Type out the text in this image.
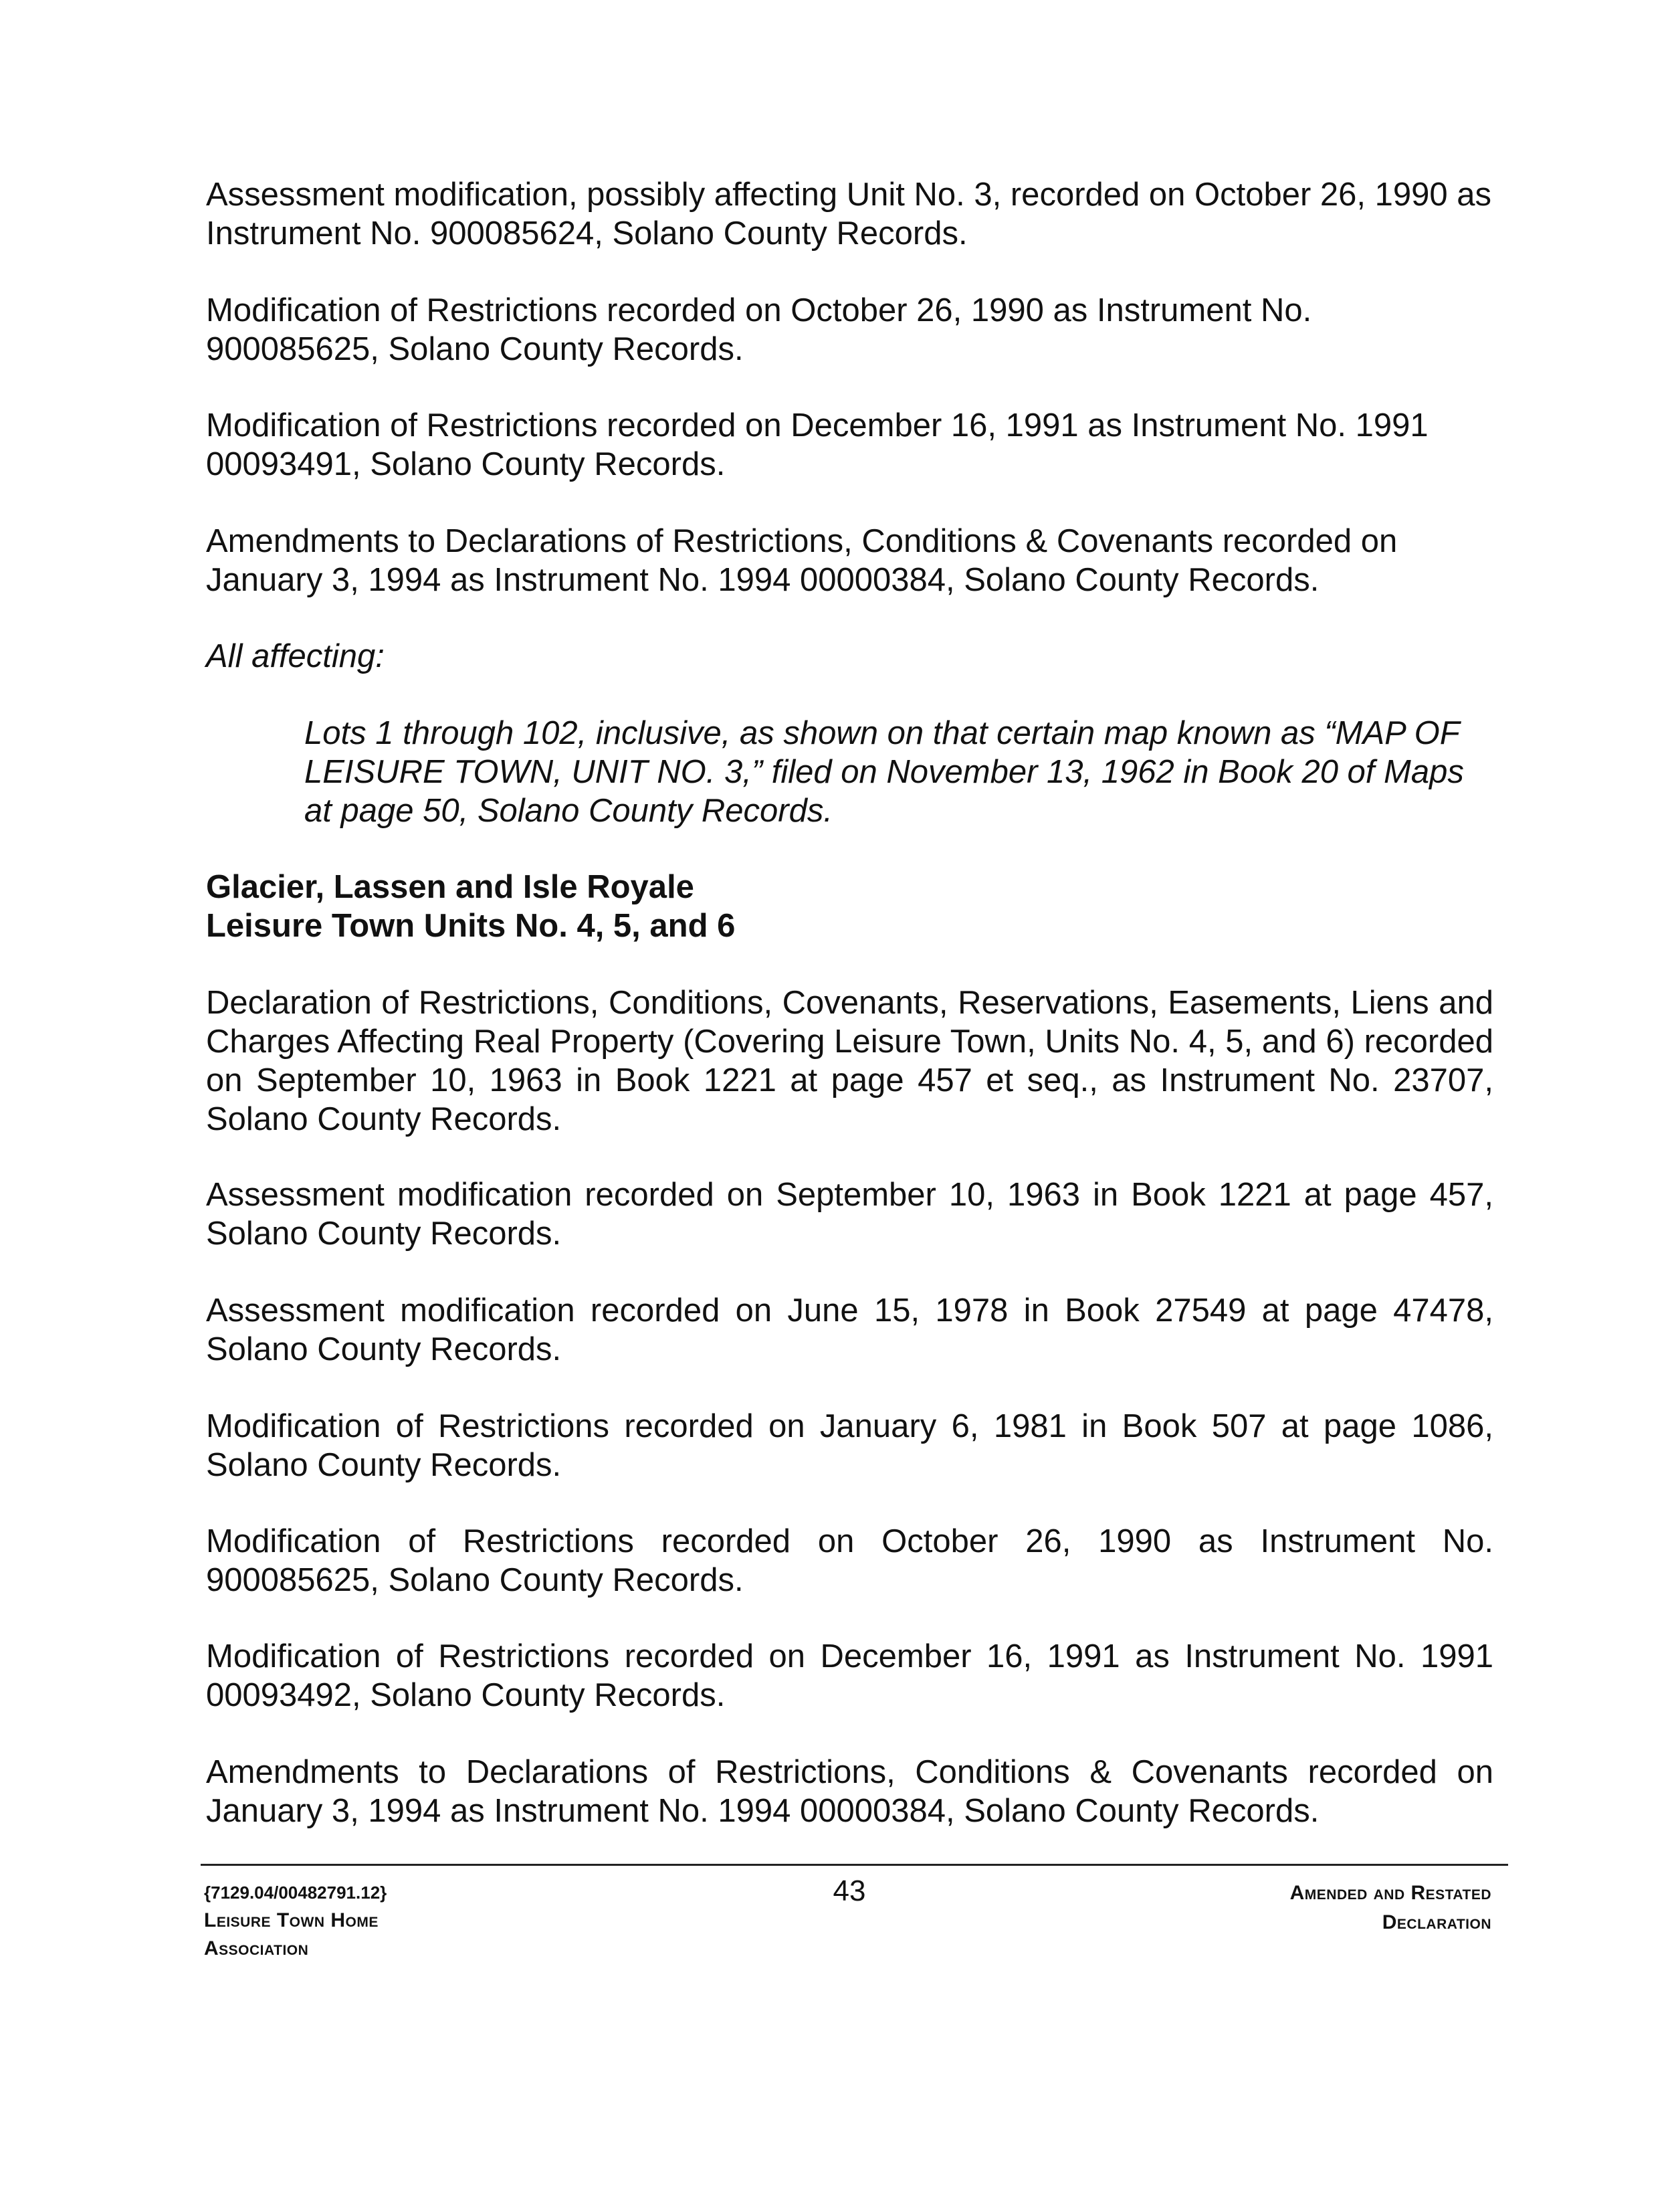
Assessment modification, possibly affecting Unit No. 3, recorded on October 26, 1990 as Instrument No. 900085624, Solano County Records.

Modification of Restrictions recorded on October 26, 1990 as Instrument No. 900085625, Solano County Records.

Modification of Restrictions recorded on December 16, 1991 as Instrument No. 1991 00093491, Solano County Records.

Amendments to Declarations of Restrictions, Conditions & Covenants recorded on January 3, 1994 as Instrument No. 1994 00000384, Solano County Records.

All affecting:

Lots 1 through 102, inclusive, as shown on that certain map known as “MAP OF LEISURE TOWN, UNIT NO. 3,” filed on November 13, 1962 in Book 20 of Maps at page 50, Solano County Records.

Glacier, Lassen and Isle Royale

Leisure Town Units No. 4, 5, and 6

Declaration of Restrictions, Conditions, Covenants, Reservations, Easements, Liens and Charges Affecting Real Property (Covering Leisure Town, Units No. 4, 5, and 6) recorded on September 10, 1963 in Book 1221 at page 457 et seq., as Instrument No. 23707, Solano County Records.

Assessment modification recorded on September 10, 1963 in Book 1221 at page 457, Solano County Records.

Assessment modification recorded on June 15, 1978 in Book 27549 at page 47478, Solano County Records.

Modification of Restrictions recorded on January 6, 1981 in Book 507 at page 1086, Solano County Records.

Modification of Restrictions recorded on October 26, 1990 as Instrument No. 900085625, Solano County Records.

Modification of Restrictions recorded on December 16, 1991 as Instrument No. 1991 00093492, Solano County Records.

Amendments to Declarations of Restrictions, Conditions & Covenants recorded on January 3, 1994 as Instrument No. 1994 00000384, Solano County Records.

{7129.04/00482791.12}
Leisure Town Home
Association
43	Amended and Restated
Declaration
